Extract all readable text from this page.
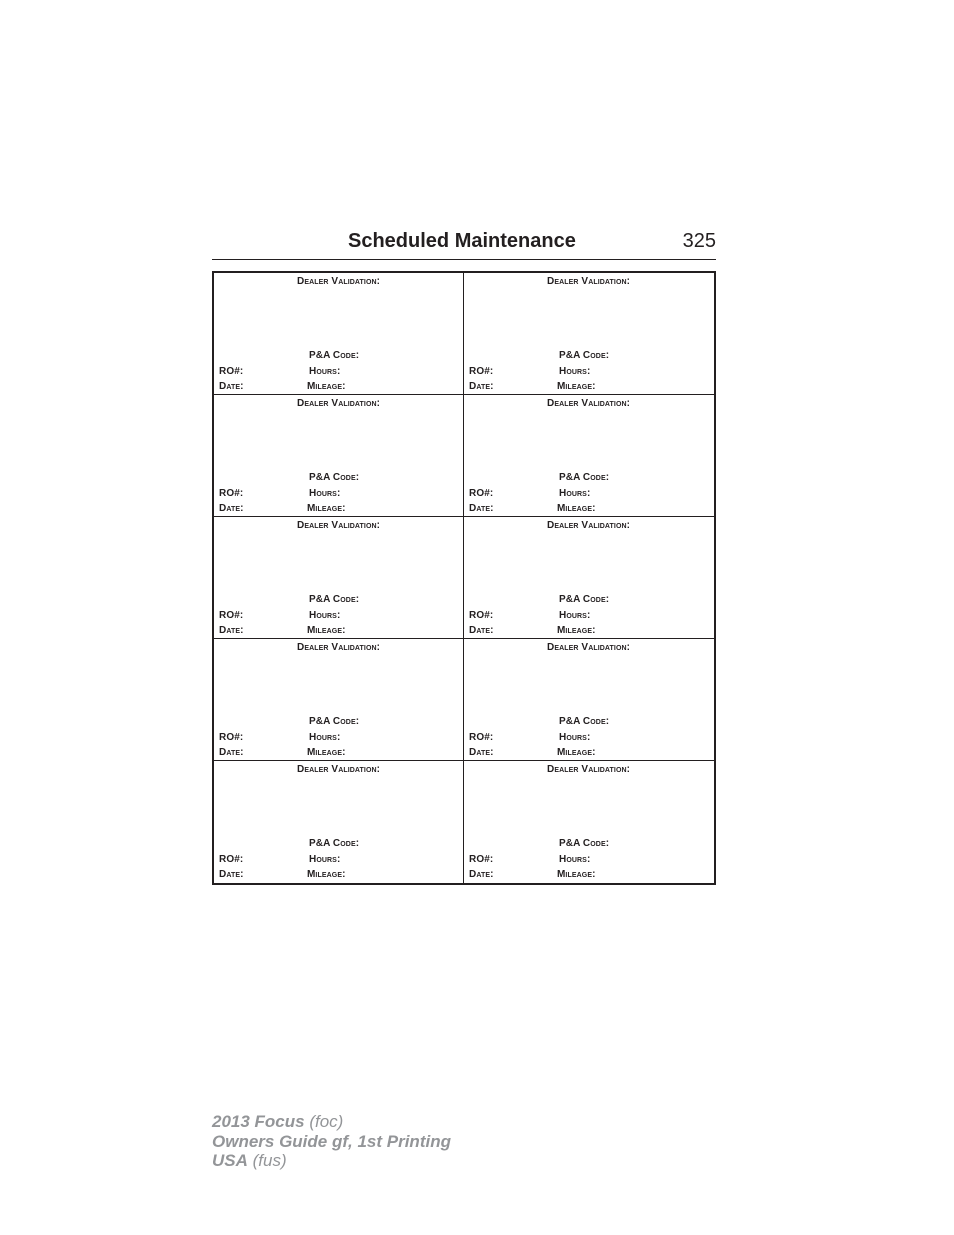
Scheduled Maintenance	325
Dealer Validation:
P&A Code:
RO#:	Hours:
Date:	Mileage:
Dealer Validation:
P&A Code:
RO#:	Hours:
Date:	Mileage:
Dealer Validation:
P&A Code:
RO#:	Hours:
Date:	Mileage:
Dealer Validation:
P&A Code:
RO#:	Hours:
Date:	Mileage:
Dealer Validation:
P&A Code:
RO#:	Hours:
Date:	Mileage:
Dealer Validation:
P&A Code:
RO#:	Hours:
Date:	Mileage:
Dealer Validation:
P&A Code:
RO#:	Hours:
Date:	Mileage:
Dealer Validation:
P&A Code:
RO#:	Hours:
Date:	Mileage:
Dealer Validation:
P&A Code:
RO#:	Hours:
Date:	Mileage:
Dealer Validation:
P&A Code:
RO#:	Hours:
Date:	Mileage:
2013 Focus (foc)
Owners Guide gf, 1st Printing
USA (fus)
